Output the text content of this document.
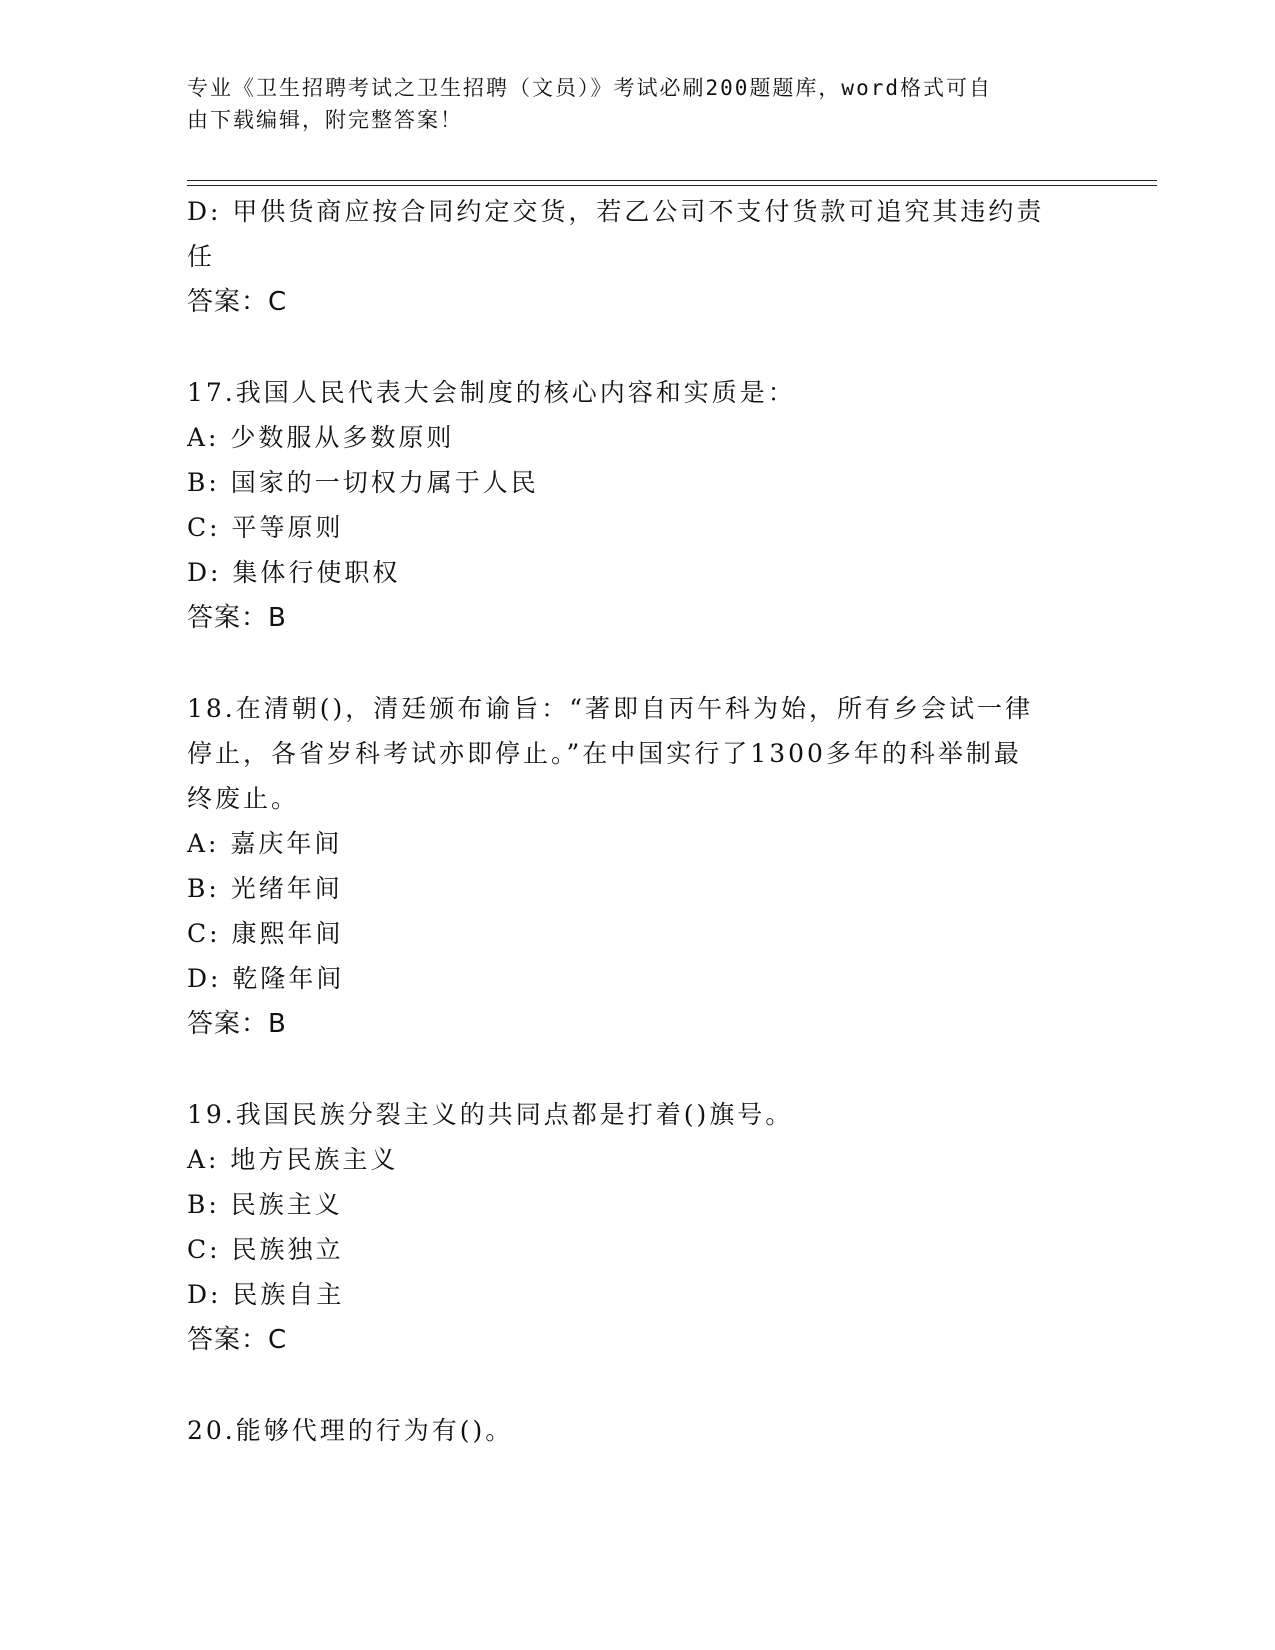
专业《卫生招聘考试之卫生招聘（文员）》考试必刷200题题库，word格式可自
由下载编辑，附完整答案！
D: 甲供货商应按合同约定交货，若乙公司不支付货款可追究其违约责
任
答案：C
17.我国人民代表大会制度的核心内容和实质是：
A: 少数服从多数原则
B: 国家的一切权力属于人民
C: 平等原则
D: 集体行使职权
答案：B
18.在清朝()，清廷颁布谕旨：“著即自丙午科为始，所有乡会试一律
停止，各省岁科考试亦即停止。”在中国实行了1300多年的科举制最
终废止。
A: 嘉庆年间
B: 光绪年间
C: 康熙年间
D: 乾隆年间
答案：B
19.我国民族分裂主义的共同点都是打着()旗号。
A: 地方民族主义
B: 民族主义
C: 民族独立
D: 民族自主
答案：C
20.能够代理的行为有()。
